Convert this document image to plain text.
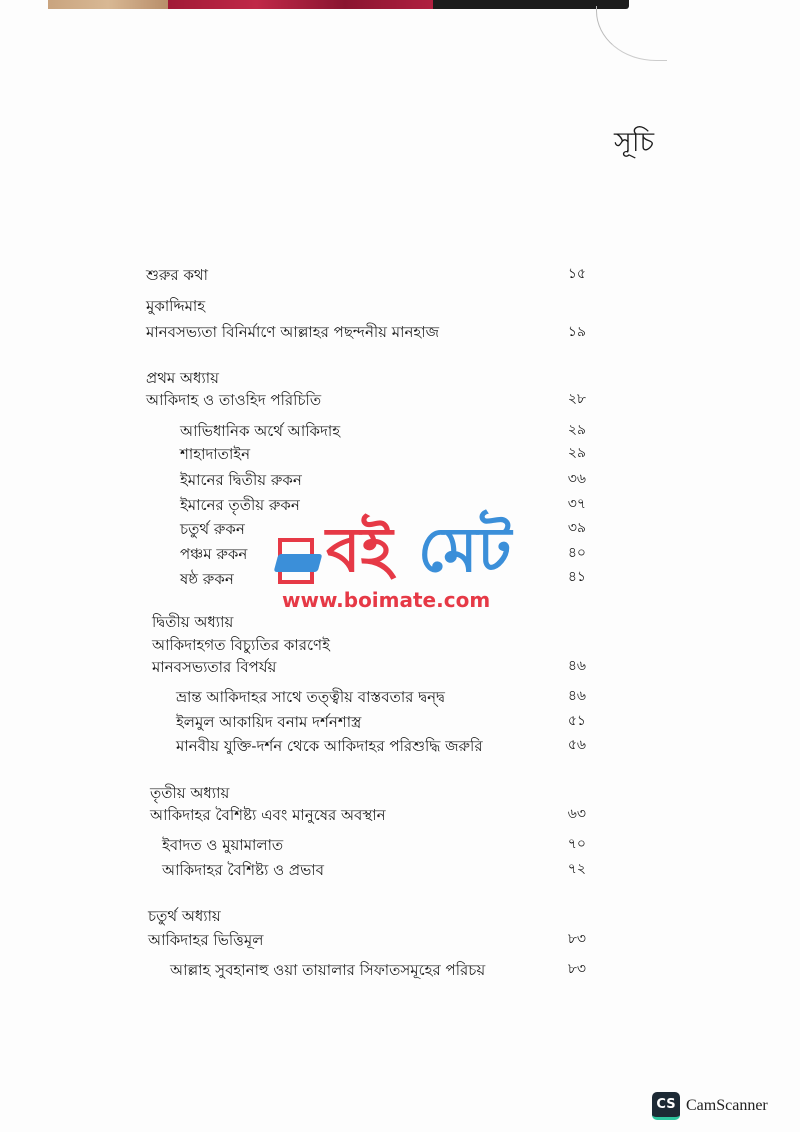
সূচি
শুরুর কথা	১৫
মুকাদ্দিমাহ
মানবসভ্যতা বিনির্মাণে আল্লাহর পছন্দনীয় মানহাজ	১৯
প্রথম অধ্যায়
আকিদাহ ও তাওহিদ পরিচিতি	২৮
আভিধানিক অর্থে আকিদাহ	২৯
শাহাদাতাইন	২৯
ইমানের দ্বিতীয় রুকন	৩৬
ইমানের তৃতীয় রুকন	৩৭
চতুর্থ রুকন	৩৯
পঞ্চম রুকন	৪০
ষষ্ঠ রুকন	৪১
দ্বিতীয় অধ্যায়
আকিদাহগত বিচ্যুতির কারণেই
মানবসভ্যতার বিপর্যয়	৪৬
ভ্রান্ত আকিদাহর সাথে তত্ত্বীয় বাস্তবতার দ্বন্দ্ব	৪৬
ইলমুল আকায়িদ বনাম দর্শনশাস্ত্র	৫১
মানবীয় যুক্তি-দর্শন থেকে আকিদাহর পরিশুদ্ধি জরুরি	৫৬
তৃতীয় অধ্যায়
আকিদাহর বৈশিষ্ট্য এবং মানুষের অবস্থান	৬৩
ইবাদত ও মুয়ামালাত	৭০
আকিদাহর বৈশিষ্ট্য ও প্রভাব	৭২
চতুর্থ অধ্যায়
আকিদাহর ভিত্তিমূল	৮৩
আল্লাহ সুবহানাহু ওয়া তায়ালার সিফাতসমূহের পরিচয়	৮৩
বই মেট
www.boimate.com
CS CamScanner
